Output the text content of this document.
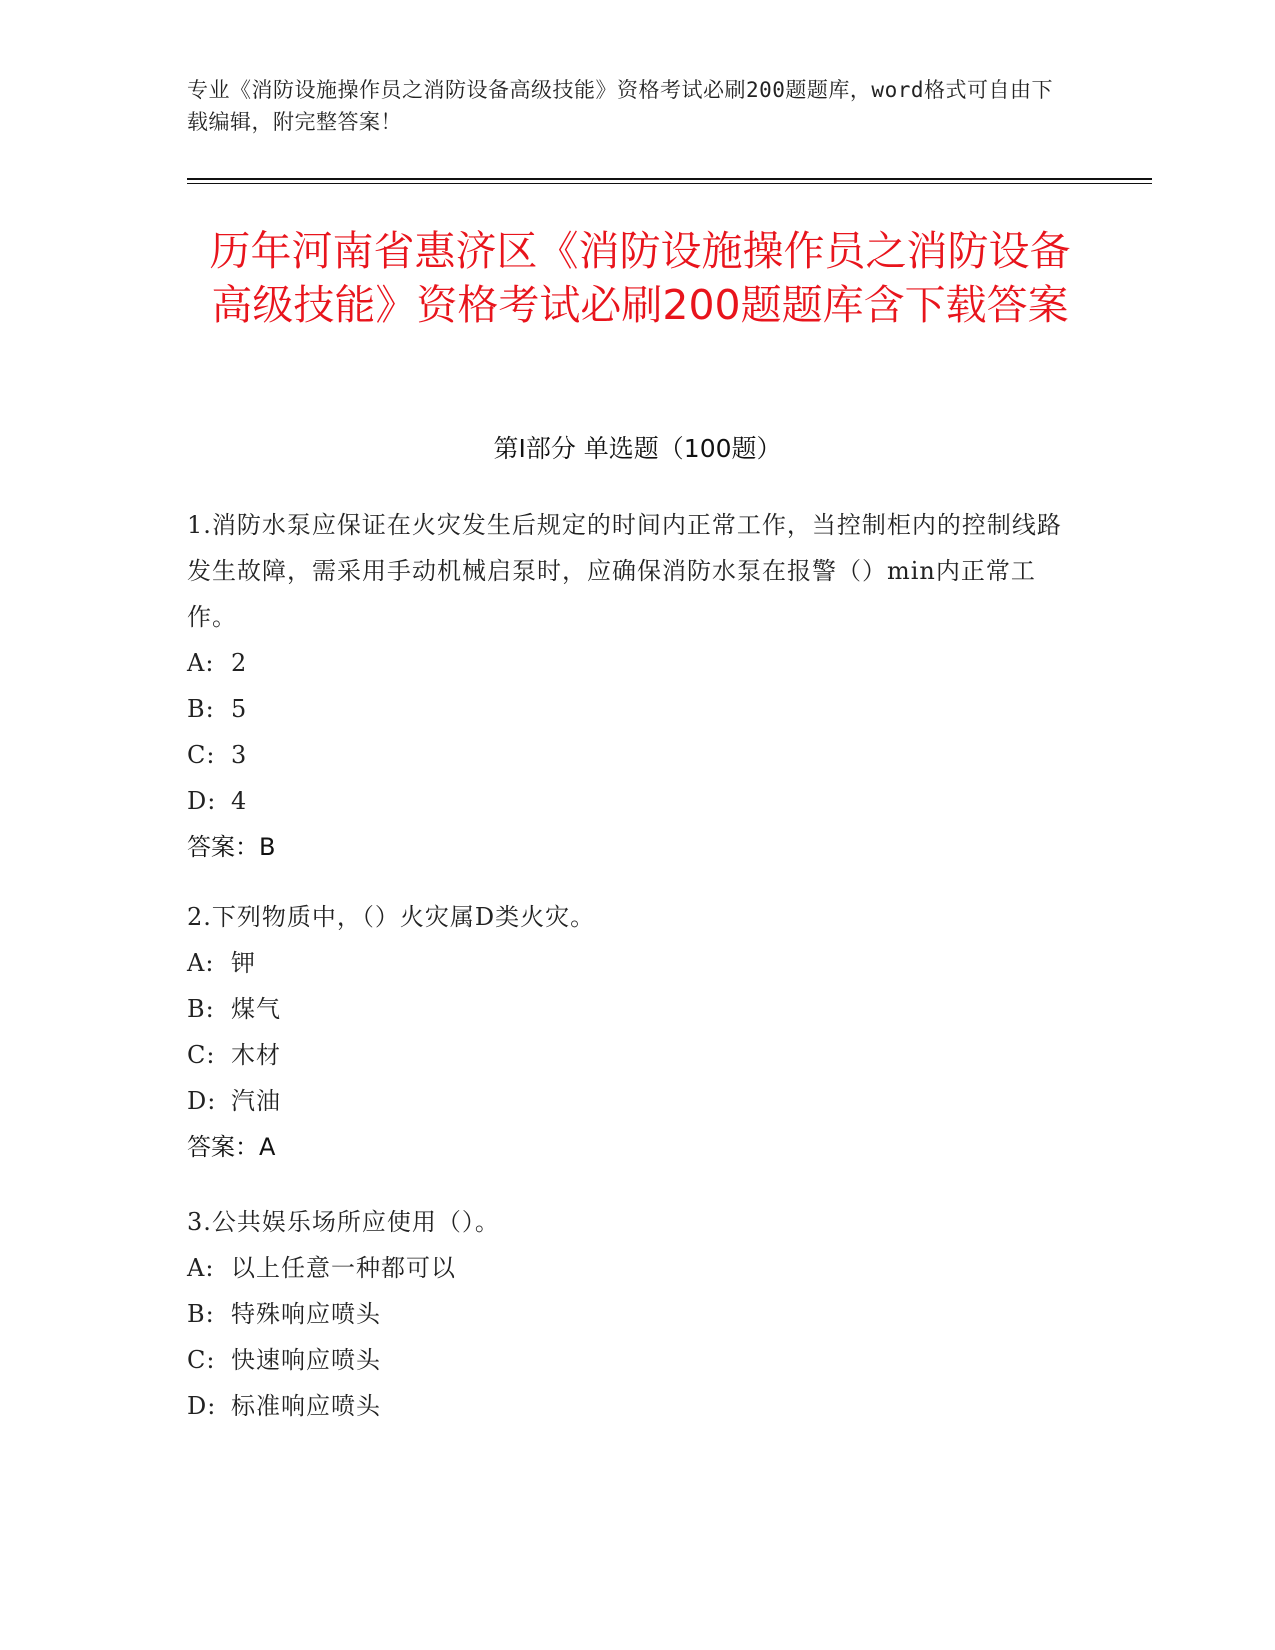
专业《消防设施操作员之消防设备高级技能》资格考试必刷200题题库，word格式可自由下载编辑，附完整答案！
历年河南省惠济区《消防设施操作员之消防设备高级技能》资格考试必刷200题题库含下载答案
第I部分 单选题（100题）
1.消防水泵应保证在火灾发生后规定的时间内正常工作，当控制柜内的控制线路发生故障，需采用手动机械启泵时，应确保消防水泵在报警（）min内正常工作。
A: 2
B: 5
C: 3
D: 4
答案：B
2.下列物质中，（）火灾属D类火灾。
A: 钾
B: 煤气
C: 木材
D: 汽油
答案：A
3.公共娱乐场所应使用（）。
A: 以上任意一种都可以
B: 特殊响应喷头
C: 快速响应喷头
D: 标准响应喷头
